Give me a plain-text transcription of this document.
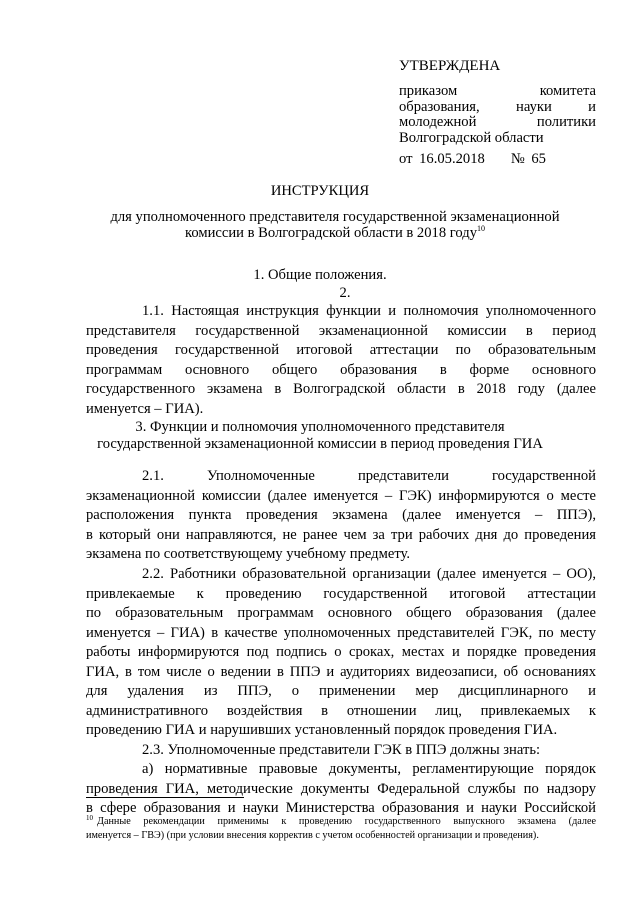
УТВЕРЖДЕНА
приказом комитета
образования, науки и
молодежной политики
Волгоградской области
от 16.05.2018 № 65
ИНСТРУКЦИЯ
для уполномоченного представителя государственной экзаменационной
комиссии в Волгоградской области в 2018 году$^{10}$
1. Общие положения.
2.
1.1. Настоящая инструкция функции и полномочия уполномоченного
представителя государственной экзаменационной комиссии в период
проведения государственной итоговой аттестации по образовательным
программам основного общего образования в форме основного
государственного экзамена в Волгоградской области в 2018 году (далее
именуется – ГИА).
3. Функции и полномочия уполномоченного представителя
государственной экзаменационной комиссии в период проведения ГИА
2.1. Уполномоченные представители государственной
экзаменационной комиссии (далее именуется – ГЭК) информируются о месте
расположения пункта проведения экзамена (далее именуется – ППЭ),
в который они направляются, не ранее чем за три рабочих дня до проведения
экзамена по соответствующему учебному предмету.
2.2. Работники образовательной организации (далее именуется – ОО),
привлекаемые к проведению государственной итоговой аттестации
по образовательным программам основного общего образования (далее
именуется – ГИА) в качестве уполномоченных представителей ГЭК, по месту
работы информируются под подпись о сроках, местах и порядке проведения
ГИА, в том числе о ведении в ППЭ и аудиториях видеозаписи, об основаниях
для удаления из ППЭ, о применении мер дисциплинарного и
административного воздействия в отношении лиц, привлекаемых к
проведению ГИА и нарушивших установленный порядок проведения ГИА.
2.3. Уполномоченные представители ГЭК в ППЭ должны знать:
а) нормативные правовые документы, регламентирующие порядок
проведения ГИА, методические документы Федеральной службы по надзору
в сфере образования и науки Министерства образования и науки Российской
$^{10}$ Данные рекомендации применимы к проведению государственного выпускного экзамена (далее
именуется – ГВЭ) (при условии внесения корректив с учетом особенностей организации и проведения).
